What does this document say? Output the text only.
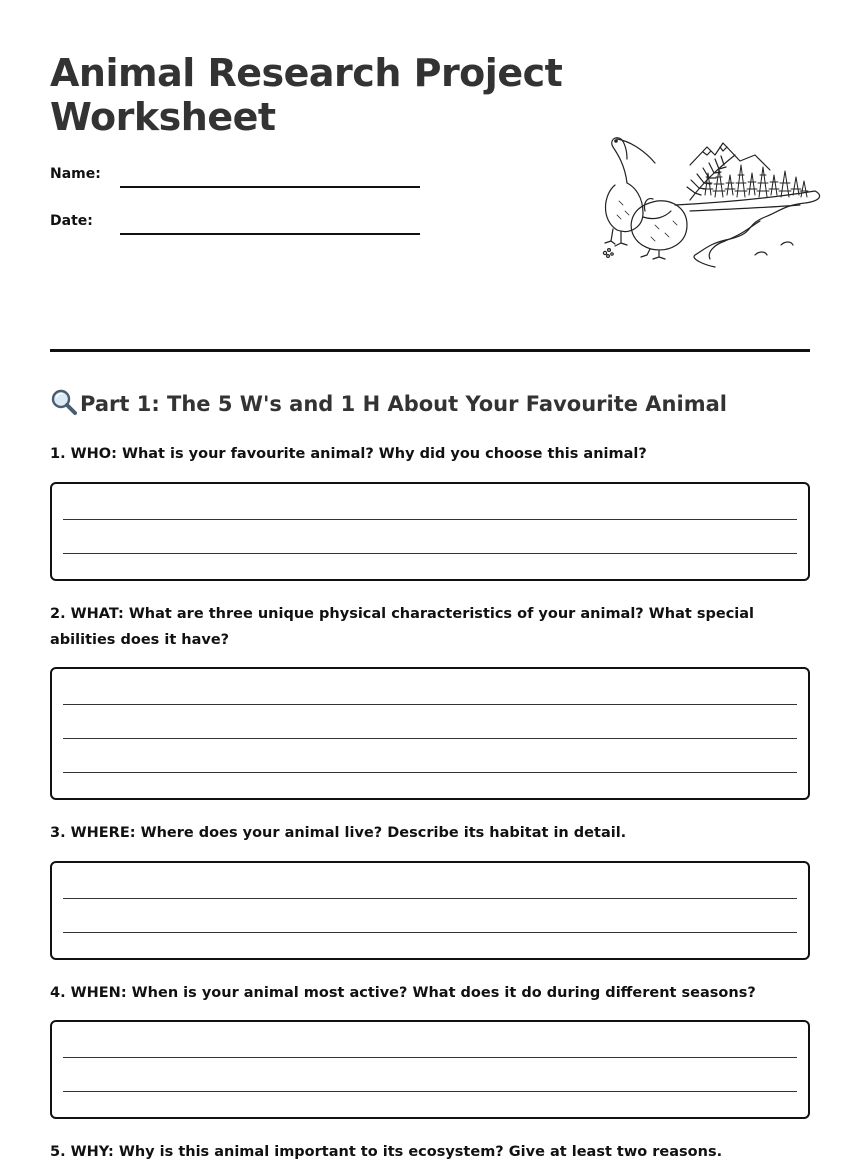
Animal Research Project Worksheet
Name:
Date:
Part 1: The 5 W's and 1 H About Your Favourite Animal
1. WHO: What is your favourite animal? Why did you choose this animal?
2. WHAT: What are three unique physical characteristics of your animal? What special abilities does it have?
3. WHERE: Where does your animal live? Describe its habitat in detail.
4. WHEN: When is your animal most active? What does it do during different seasons?
5. WHY: Why is this animal important to its ecosystem? Give at least two reasons.
